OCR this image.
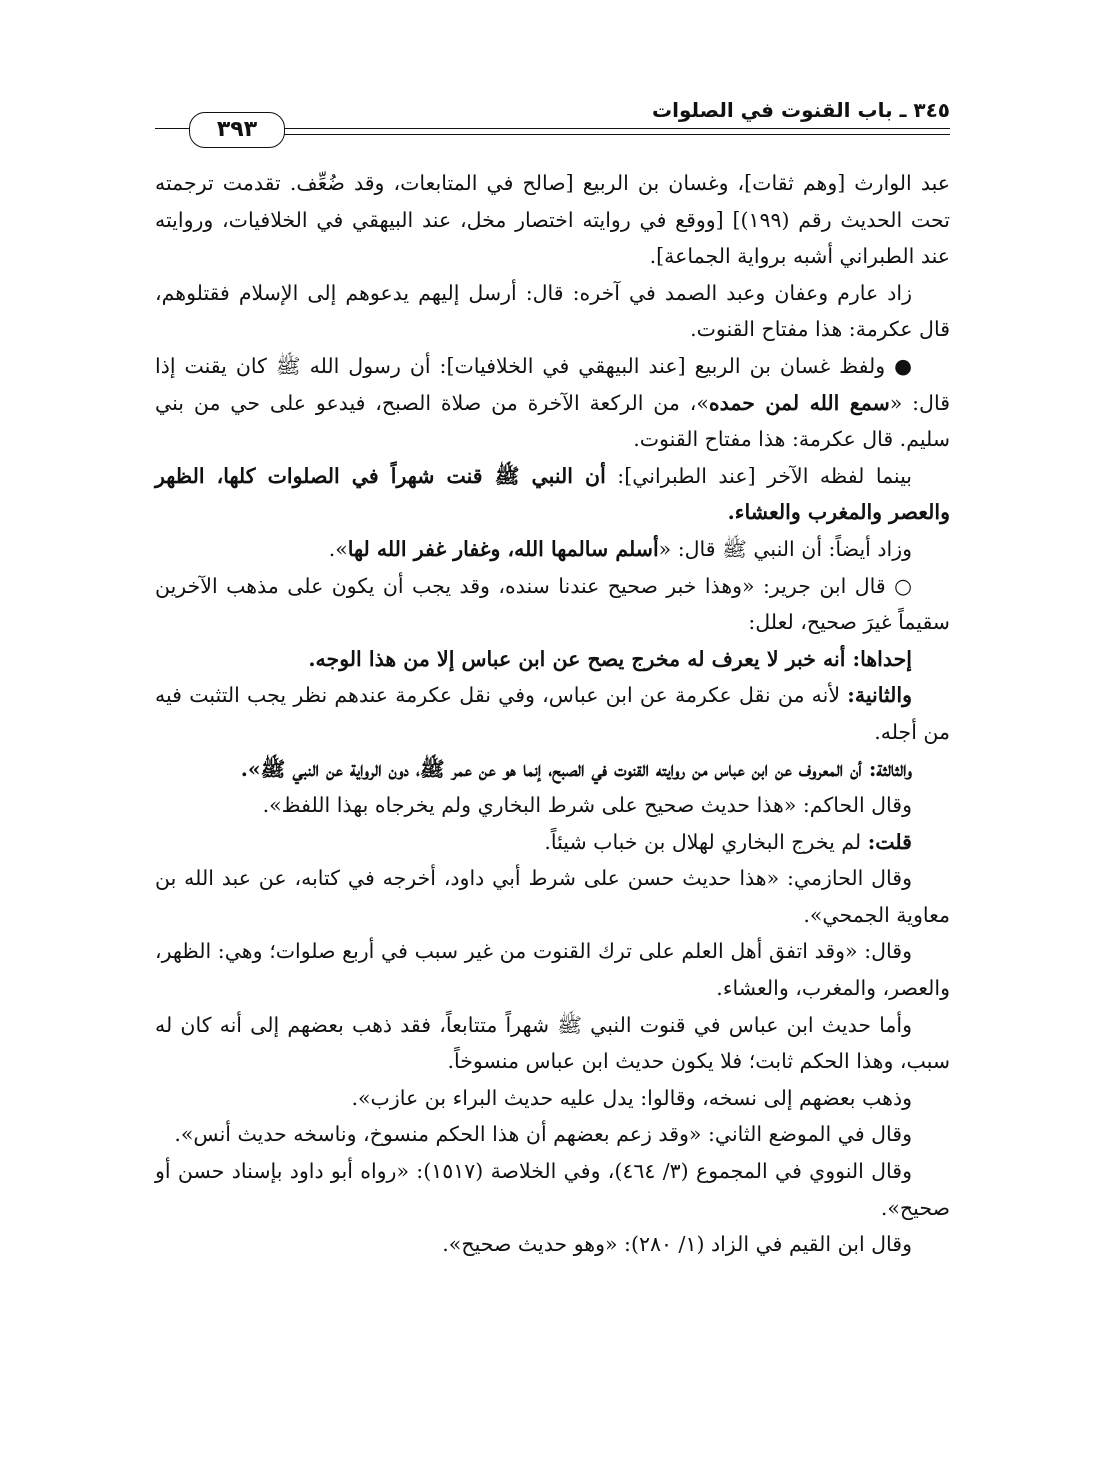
٣٩٣
٣٤٥ ـ باب القنوت في الصلوات

عبد الوارث [وهم ثقات]، وغسان بن الربيع [صالح في المتابعات، وقد ضُعِّف. تقدمت ترجمته تحت الحديث رقم (١٩٩)] [ووقع في روايته اختصار مخل، عند البيهقي في الخلافيات، وروايته عند الطبراني أشبه برواية الجماعة].

زاد عارم وعفان وعبد الصمد في آخره: قال: أرسل إليهم يدعوهم إلى الإسلام فقتلوهم، قال عكرمة: هذا مفتاح القنوت.

● ولفظ غسان بن الربيع [عند البيهقي في الخلافيات]: أن رسول الله ﷺ كان يقنت إذا قال: «سمع الله لمن حمده»، من الركعة الآخرة من صلاة الصبح، فيدعو على حي من بني سليم. قال عكرمة: هذا مفتاح القنوت.

بينما لفظه الآخر [عند الطبراني]: أن النبي ﷺ قنت شهراً في الصلوات كلها، الظهر والعصر والمغرب والعشاء.

وزاد أيضاً: أن النبي ﷺ قال: «أسلم سالمها الله، وغفار غفر الله لها».

○ قال ابن جرير: «وهذا خبر صحيح عندنا سنده، وقد يجب أن يكون على مذهب الآخرين سقيماً غيرَ صحيح، لعلل:

إحداها: أنه خبر لا يعرف له مخرج يصح عن ابن عباس إلا من هذا الوجه.

والثانية: لأنه من نقل عكرمة عن ابن عباس، وفي نقل عكرمة عندهم نظر يجب التثبت فيه من أجله.

والثالثة: أن المعروف عن ابن عباس من روايته القنوت في الصبح، إنما هو عن عمر ﷺ، دون الرواية عن النبي ﷺ».

وقال الحاكم: «هذا حديث صحيح على شرط البخاري ولم يخرجاه بهذا اللفظ».

قلت: لم يخرج البخاري لهلال بن خباب شيئاً.

وقال الحازمي: «هذا حديث حسن على شرط أبي داود، أخرجه في كتابه، عن عبد الله بن معاوية الجمحي».

وقال: «وقد اتفق أهل العلم على ترك القنوت من غير سبب في أربع صلوات؛ وهي: الظهر، والعصر، والمغرب، والعشاء.

وأما حديث ابن عباس في قنوت النبي ﷺ شهراً متتابعاً، فقد ذهب بعضهم إلى أنه كان له سبب، وهذا الحكم ثابت؛ فلا يكون حديث ابن عباس منسوخاً.

وذهب بعضهم إلى نسخه، وقالوا: يدل عليه حديث البراء بن عازب».

وقال في الموضع الثاني: «وقد زعم بعضهم أن هذا الحكم منسوخ، وناسخه حديث أنس».

وقال النووي في المجموع (٣/ ٤٦٤)، وفي الخلاصة (١٥١٧): «رواه أبو داود بإسناد حسن أو صحيح».

وقال ابن القيم في الزاد (١/ ٢٨٠): «وهو حديث صحيح».
